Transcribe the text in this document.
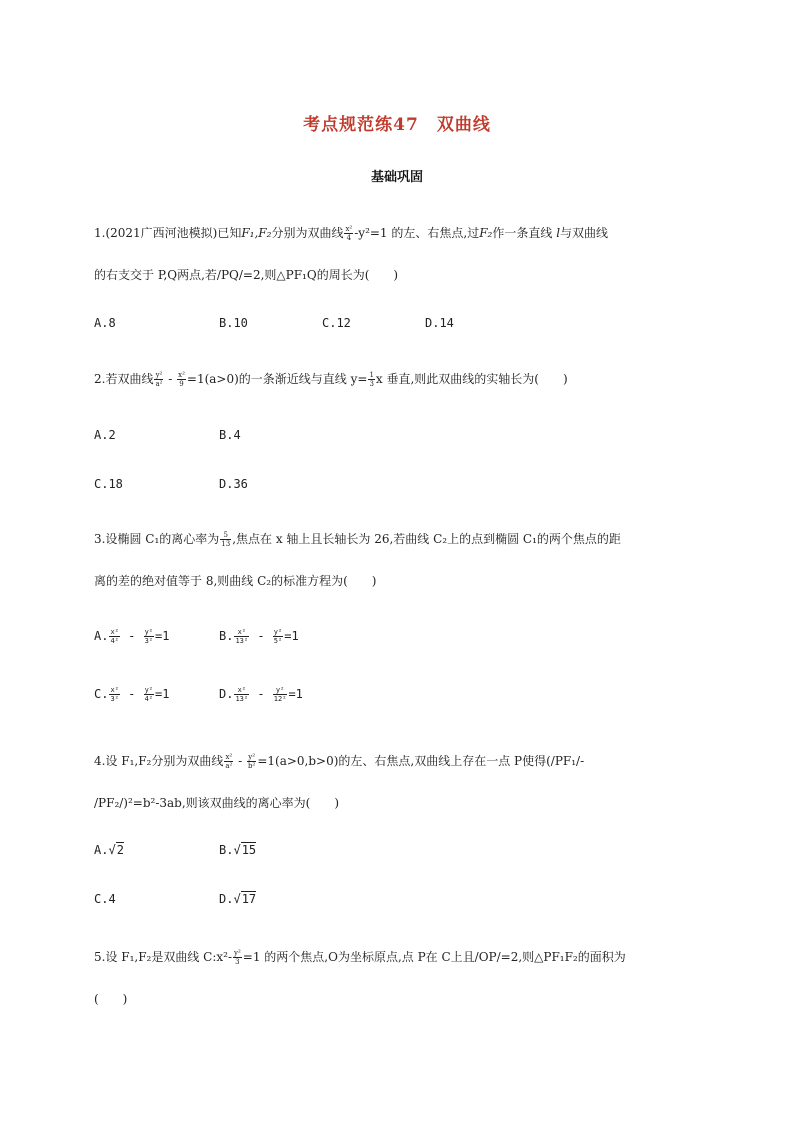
考点规范练47　双曲线
基础巩固
1.(2021广西河池模拟)已知F₁,F₂分别为双曲线 $\frac{\text{x²}}{4} -y^2=1$ 的左、右焦点,过F₂作一条直线 l与双曲线
的右支交于 P,Q两点,若/PQ/=2,则△PF₁Q的周长为(　　)
A.8	B.10	C.12	D.14
2.若双曲线 $\frac{\text{y²}}{\text{a²}} - \frac{\text{x²}}{9} =1(a>0)$的一条渐近线与直线 $y= \frac{1}{3}$ x 垂直,则此双曲线的实轴长为(　　)
A.2	B.4
C.18	D.36
3.设椭圆 C₁的离心率为 $\frac{5}{13}$ ,焦点在 x 轴上且长轴长为 26,若曲线 C₂上的点到椭圆 C₁的两个焦点的距
离的差的绝对值等于 8,则曲线 C₂的标准方程为(　　)
A. $\frac{\text{x²}}{\text{4²}} - \frac{\text{y²}}{\text{3²}} =1$	B. $\frac{\text{x²}}{\text{13²}} - \frac{\text{y²}}{\text{5²}} =1$
C. $\frac{\text{x²}}{\text{3²}} - \frac{\text{y²}}{\text{4²}} =1$	D. $\frac{\text{x²}}{\text{13²}} - \frac{\text{y²}}{\text{12²}} =1$
4.设 F₁,F₂分别为双曲线 $\frac{\text{x²}}{\text{a²}} - \frac{\text{y²}}{\text{b²}} =1(a>0,b>0)$的左、右焦点,双曲线上存在一点 P使得(/PF₁/-
/PF₂/)²=b²-3ab,则该双曲线的离心率为(　　)
A.√2	B.√15
C.4	D.√17
5.设 F₁,F₂是双曲线 C:x²- $\frac{\text{y²}}{3} =1$ 的两个焦点,O为坐标原点,点 P在 C上且/OP/=2,则△PF₁F₂的面积为
(　　)
